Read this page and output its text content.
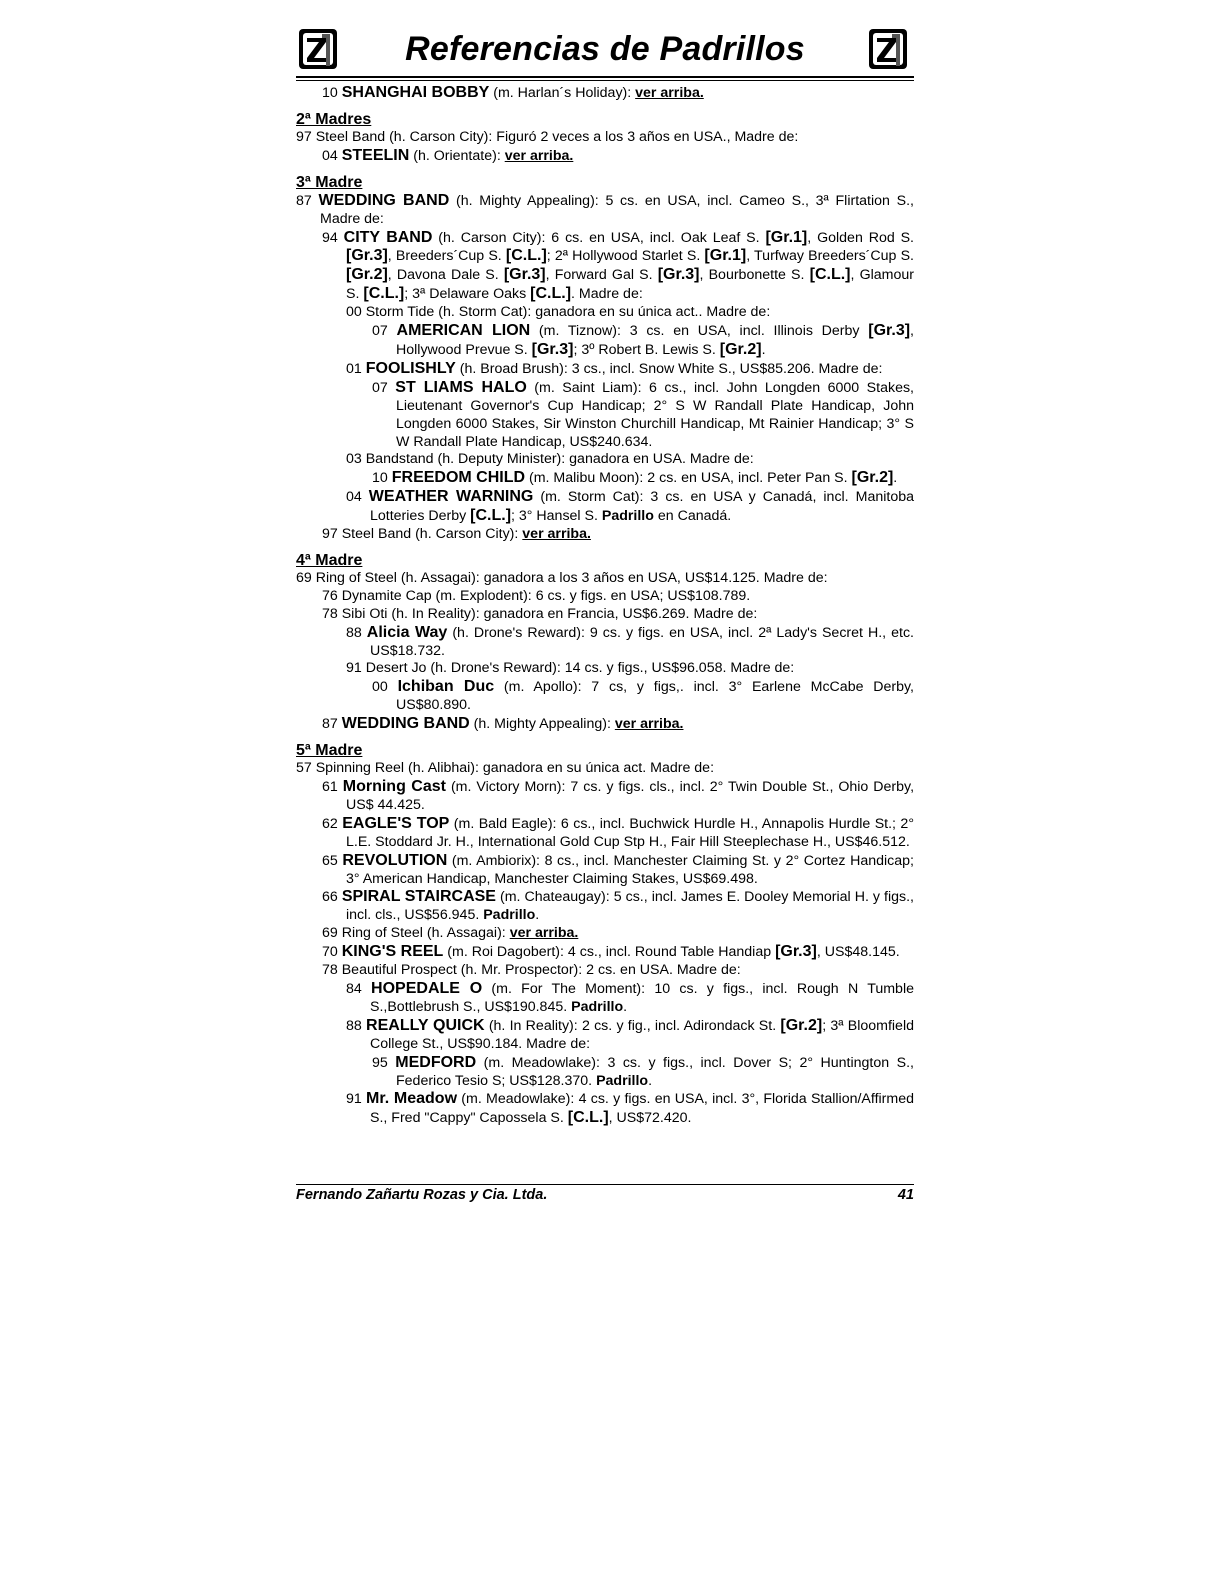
Referencias de Padrillos
10 SHANGHAI BOBBY (m. Harlan´s Holiday): ver arriba.
2ª Madres
97 Steel Band (h. Carson City): Figuró 2 veces a los 3 años en USA., Madre de:
04 STEELIN (h. Orientate): ver arriba.
3ª Madre
87 WEDDING BAND (h. Mighty Appealing): 5 cs. en USA, incl. Cameo S., 3ª Flirtation S., Madre de:
94 CITY BAND (h. Carson City): 6 cs. en USA, incl. Oak Leaf S. [Gr.1], Golden Rod S. [Gr.3], Breeders´Cup S. [C.L.]; 2ª Hollywood Starlet S. [Gr.1], Turfway Breeders´Cup S. [Gr.2], Davona Dale S. [Gr.3], Forward Gal S. [Gr.3], Bourbonette S. [C.L.], Glamour S. [C.L.]; 3ª Delaware Oaks [C.L.]. Madre de:
00 Storm Tide (h. Storm Cat): ganadora en su única act.. Madre de:
07 AMERICAN LION (m. Tiznow): 3 cs. en USA, incl. Illinois Derby [Gr.3], Hollywood Prevue S. [Gr.3]; 3º Robert B. Lewis S. [Gr.2].
01 FOOLISHLY (h. Broad Brush): 3 cs., incl. Snow White S., US$85.206. Madre de:
07 ST LIAMS HALO (m. Saint Liam): 6 cs., incl. John Longden 6000 Stakes, Lieutenant Governor's Cup Handicap; 2° S W Randall Plate Handicap, John Longden 6000 Stakes, Sir Winston Churchill Handicap, Mt Rainier Handicap; 3° S W Randall Plate Handicap, US$240.634.
03 Bandstand (h. Deputy Minister): ganadora en USA. Madre de:
10 FREEDOM CHILD (m. Malibu Moon): 2 cs. en USA, incl. Peter Pan S. [Gr.2].
04 WEATHER WARNING (m. Storm Cat): 3 cs. en USA y Canadá, incl. Manitoba Lotteries Derby [C.L.]; 3° Hansel S. Padrillo en Canadá.
97 Steel Band (h. Carson City): ver arriba.
4ª Madre
69 Ring of Steel (h. Assagai): ganadora a los 3 años en USA, US$14.125. Madre de:
76 Dynamite Cap (m. Explodent): 6 cs. y figs. en USA; US$108.789.
78 Sibi Oti (h. In Reality): ganadora en Francia, US$6.269. Madre de:
88 Alicia Way (h. Drone's Reward): 9 cs. y figs. en USA, incl. 2ª Lady's Secret H., etc. US$18.732.
91 Desert Jo (h. Drone's Reward): 14 cs. y figs., US$96.058. Madre de:
00 Ichiban Duc (m. Apollo): 7 cs, y figs,. incl. 3° Earlene McCabe Derby, US$80.890.
87 WEDDING BAND (h. Mighty Appealing): ver arriba.
5ª Madre
57 Spinning Reel (h. Alibhai): ganadora en su única act. Madre de:
61 Morning Cast (m. Victory Morn): 7 cs. y figs. cls., incl. 2° Twin Double St., Ohio Derby, US$ 44.425.
62 EAGLE'S TOP (m. Bald Eagle): 6 cs., incl. Buchwick Hurdle H., Annapolis Hurdle St.; 2° L.E. Stoddard Jr. H., International Gold Cup Stp H., Fair Hill Steeplechase H., US$46.512.
65 REVOLUTION (m. Ambiorix): 8 cs., incl. Manchester Claiming St. y 2° Cortez Handicap; 3° American Handicap, Manchester Claiming Stakes, US$69.498.
66 SPIRAL STAIRCASE (m. Chateaugay): 5 cs., incl. James E. Dooley Memorial H. y figs., incl. cls., US$56.945. Padrillo.
69 Ring of Steel (h. Assagai): ver arriba.
70 KING'S REEL (m. Roi Dagobert): 4 cs., incl. Round Table Handiap [Gr.3], US$48.145.
78 Beautiful Prospect (h. Mr. Prospector): 2 cs. en USA. Madre de:
84 HOPEDALE O (m. For The Moment): 10 cs. y figs., incl. Rough N Tumble S.,Bottlebrush S., US$190.845. Padrillo.
88 REALLY QUICK (h. In Reality): 2 cs. y fig., incl. Adirondack St. [Gr.2]; 3ª Bloomfield College St., US$90.184. Madre de:
95 MEDFORD (m. Meadowlake): 3 cs. y figs., incl. Dover S; 2° Huntington S., Federico Tesio S; US$128.370. Padrillo.
91 Mr. Meadow (m. Meadowlake): 4 cs. y figs. en USA, incl. 3°, Florida Stallion/Affirmed S., Fred "Cappy" Capossela S. [C.L.], US$72.420.
Fernando Zañartu Rozas y Cia. Ltda.	41
